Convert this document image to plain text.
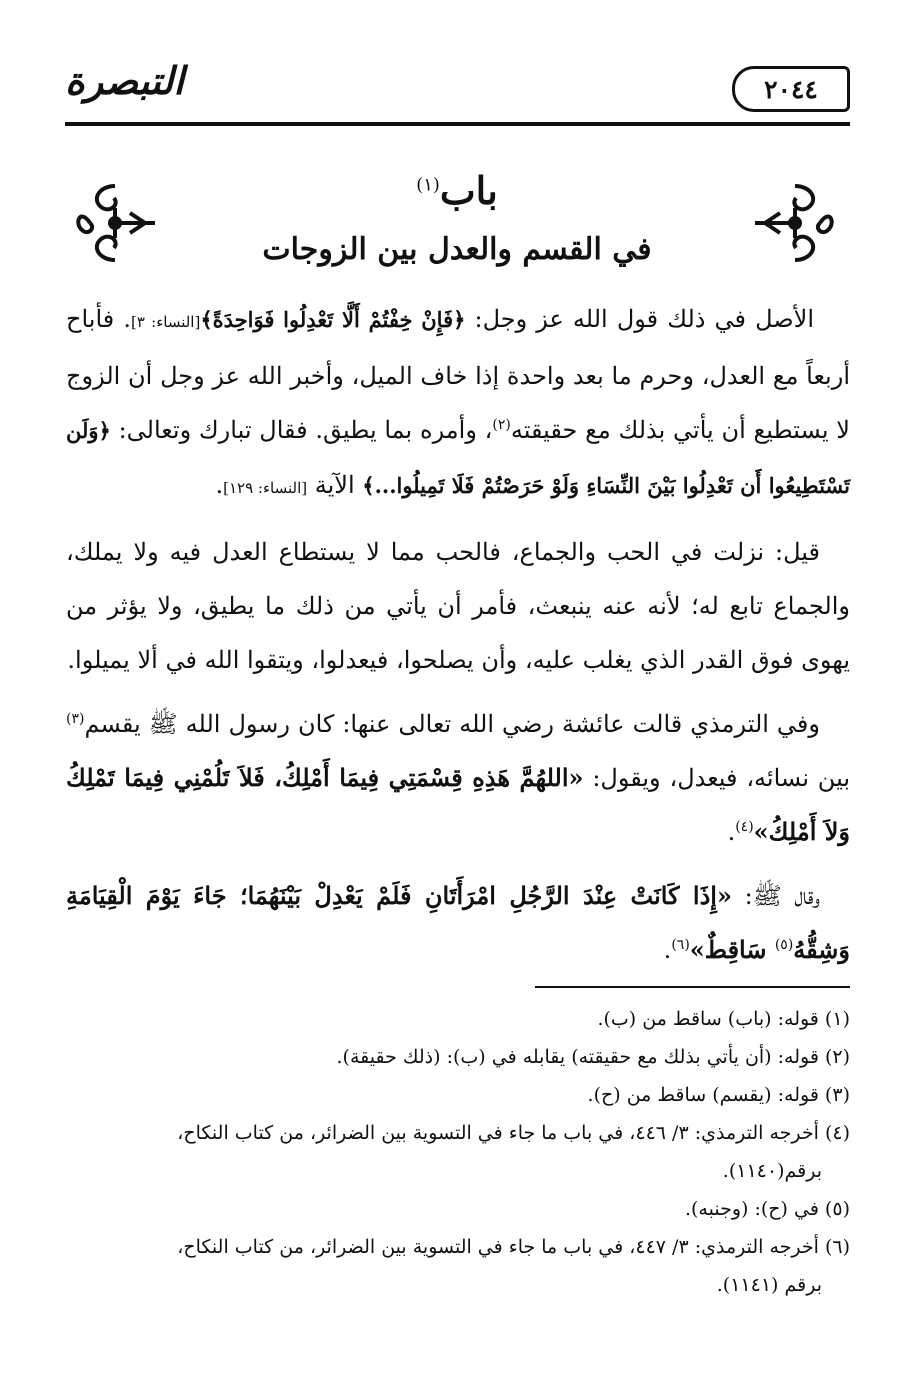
٢٠٤٤
التبصرة
باب$^{(١)}$
في القسم والعدل بين الزوجات

الأصل في ذلك قول الله عز وجل: ﴿فَإِنْ خِفْتُمْ أَلَّا تَعْدِلُوا فَوَاحِدَةً﴾[النساء: ٣]. فأباح أربعاً مع العدل، وحرم ما بعد واحدة إذا خاف الميل، وأخبر الله عز وجل أن الزوج لا يستطيع أن يأتي بذلك مع حقيقته$^{(٢)}$، وأمره بما يطيق. فقال تبارك وتعالى: ﴿وَلَن تَسْتَطِيعُوا أَن تَعْدِلُوا بَيْنَ النِّسَاءِ وَلَوْ حَرَصْتُمْ فَلَا تَمِيلُوا...﴾ الآية [النساء: ١٢٩].

قيل: نزلت في الحب والجماع، فالحب مما لا يستطاع العدل فيه ولا يملك، والجماع تابع له؛ لأنه عنه ينبعث، فأمر أن يأتي من ذلك ما يطيق، ولا يؤثر من يهوى فوق القدر الذي يغلب عليه، وأن يصلحوا، فيعدلوا، ويتقوا الله في ألا يميلوا.

وفي الترمذي قالت عائشة رضي الله تعالى عنها: كان رسول الله ﷺ يقسم$^{(٣)}$ بين نسائه، فيعدل، ويقول: «اللهُمَّ هَذِهِ قِسْمَتِي فِيمَا أَمْلِكُ، فَلاَ تَلُمْنِي فِيمَا تَمْلِكُ وَلاَ أَمْلِكُ»$^{(٤)}$.

وقال ﷺ: «إِذَا كَانَتْ عِنْدَ الرَّجُلِ امْرَأَتَانِ فَلَمْ يَعْدِلْ بَيْنَهُمَا؛ جَاءَ يَوْمَ الْقِيَامَةِ وَشِقُّهُ$^{(٥)}$ سَاقِطٌ»$^{(٦)}$.

(١) قوله: (باب) ساقط من (ب).

(٢) قوله: (أن يأتي بذلك مع حقيقته) يقابله في (ب): (ذلك حقيقة).

(٣) قوله: (يقسم) ساقط من (ح).

(٤) أخرجه الترمذي: ٣/ ٤٤٦، في باب ما جاء في التسوية بين الضرائر، من كتاب النكاح،
برقم(١١٤٠).

(٥) في (ح): (وجنبه).

(٦) أخرجه الترمذي: ٣/ ٤٤٧، في باب ما جاء في التسوية بين الضرائر، من كتاب النكاح،
برقم (١١٤١).
